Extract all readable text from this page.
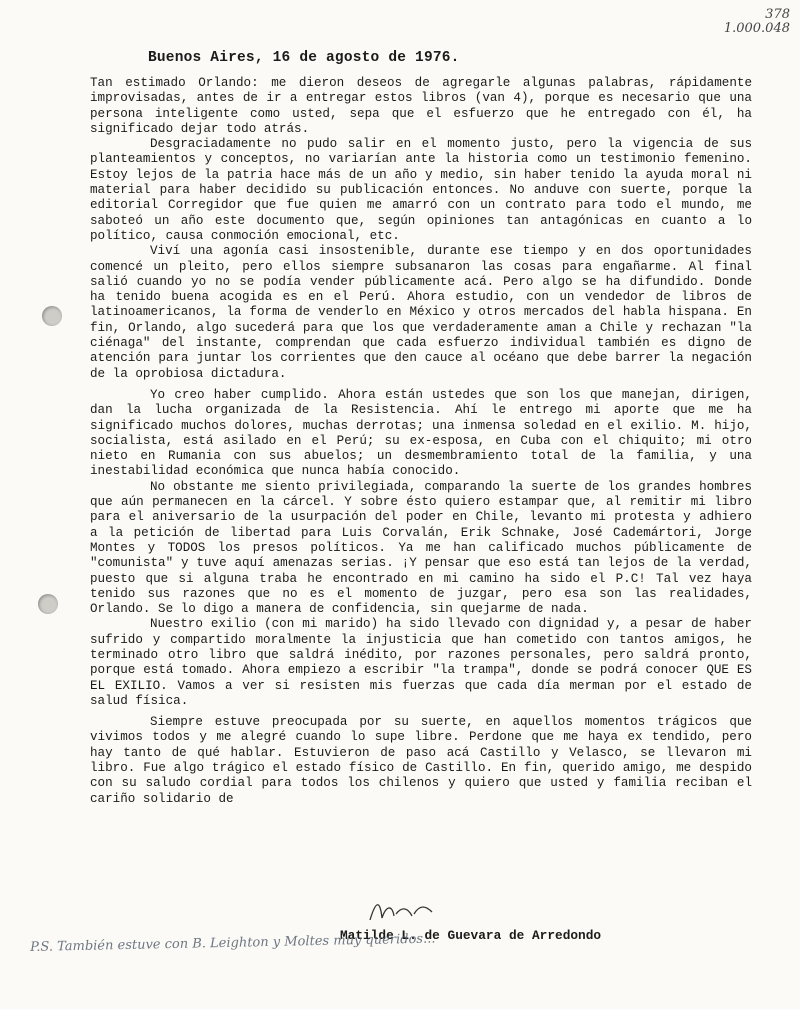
378
1.000.048
Buenos Aires, 16 de agosto de 1976.

Tan estimado Orlando: me dieron deseos de agregarle algunas palabras, rápidamente improvisadas, antes de ir a entregar estos libros (van 4), porque es necesario que una persona inteligente como usted, sepa que el esfuerzo que he entregado con él, ha significado dejar todo atrás.

Desgraciadamente no pudo salir en el momento justo, pero la vigencia de sus planteamientos y conceptos, no variarían ante la historia como un testimonio femenino. Estoy lejos de la patria hace más de un año y medio, sin haber tenido la ayuda moral ni material para haber decidido su publicación entonces. No anduve con suerte, porque la editorial Corregidor que fue quien me amarró con un contrato para todo el mundo, me saboteó un año este documento que, según opiniones tan antagónicas en cuanto a lo político, causa conmoción emocional, etc.

Viví una agonía casi insostenible, durante ese tiempo y en dos oportunidades comencé un pleito, pero ellos siempre subsanaron las cosas para engañarme. Al final salió cuando yo no se podía vender públicamente acá. Pero algo se ha difundido. Donde ha tenido buena acogida es en el Perú. Ahora estudio, con un vendedor de libros de latinoamericanos, la forma de venderlo en México y otros mercados del habla hispana. En fin, Orlando, algo sucederá para que los que verdaderamente aman a Chile y rechazan "la ciénaga" del instante, comprendan que cada esfuerzo individual también es digno de atención para juntar los corrientes que den cauce al océano que debe barrer la negación de la oprobiosa dictadura.

Yo creo haber cumplido. Ahora están ustedes que son los que manejan, dirigen, dan la lucha organizada de la Resistencia. Ahí le entrego mi aporte que me ha significado muchos dolores, muchas derrotas; una inmensa soledad en el exilio. M. hijo, socialista, está asilado en el Perú; su ex-esposa, en Cuba con el chiquito; mi otro nieto en Rumania con sus abuelos; un desmembramiento total de la familia, y una inestabilidad económica que nunca había conocido.

No obstante me siento privilegiada, comparando la suerte de los grandes hombres que aún permanecen en la cárcel. Y sobre ésto quiero estampar que, al remitir mi libro para el aniversario de la usurpación del poder en Chile, levanto mi protesta y adhiero a la petición de libertad para Luis Corvalán, Erik Schnake, José Cademártori, Jorge Montes y TODOS los presos políticos. Ya me han calificado muchos públicamente de "comunista" y tuve aquí amenazas serias. ¡Y pensar que eso está tan lejos de la verdad, puesto que si alguna traba he encontrado en mi camino ha sido el P.C! Tal vez haya tenido sus razones que no es el momento de juzgar, pero esa son las realidades, Orlando. Se lo digo a manera de confidencia, sin quejarme de nada.

Nuestro exilio (con mi marido) ha sido llevado con dignidad y, a pesar de haber sufrido y compartido moralmente la injusticia que han cometido con tantos amigos, he terminado otro libro que saldrá inédito, por razones personales, pero saldrá pronto, porque está tomado. Ahora empiezo a escribir "la trampa", donde se podrá conocer QUE ES EL EXILIO. Vamos a ver si resisten mis fuerzas que cada día merman por el estado de salud física.

Siempre estuve preocupada por su suerte, en aquellos momentos trágicos que vivimos todos y me alegré cuando lo supe libre. Perdone que me haya ex tendido, pero hay tanto de qué hablar. Estuvieron de paso acá Castillo y Velasco, se llevaron mi libro. Fue algo trágico el estado físico de Castillo. En fin, querido amigo, me despido con su saludo cordial para todos los chilenos y quiero que usted y familia reciban el cariño solidario de

Matilde L. de Guevara de Arredondo
P.S. También estuve con B. Leighton y Moltes muy queridos...
